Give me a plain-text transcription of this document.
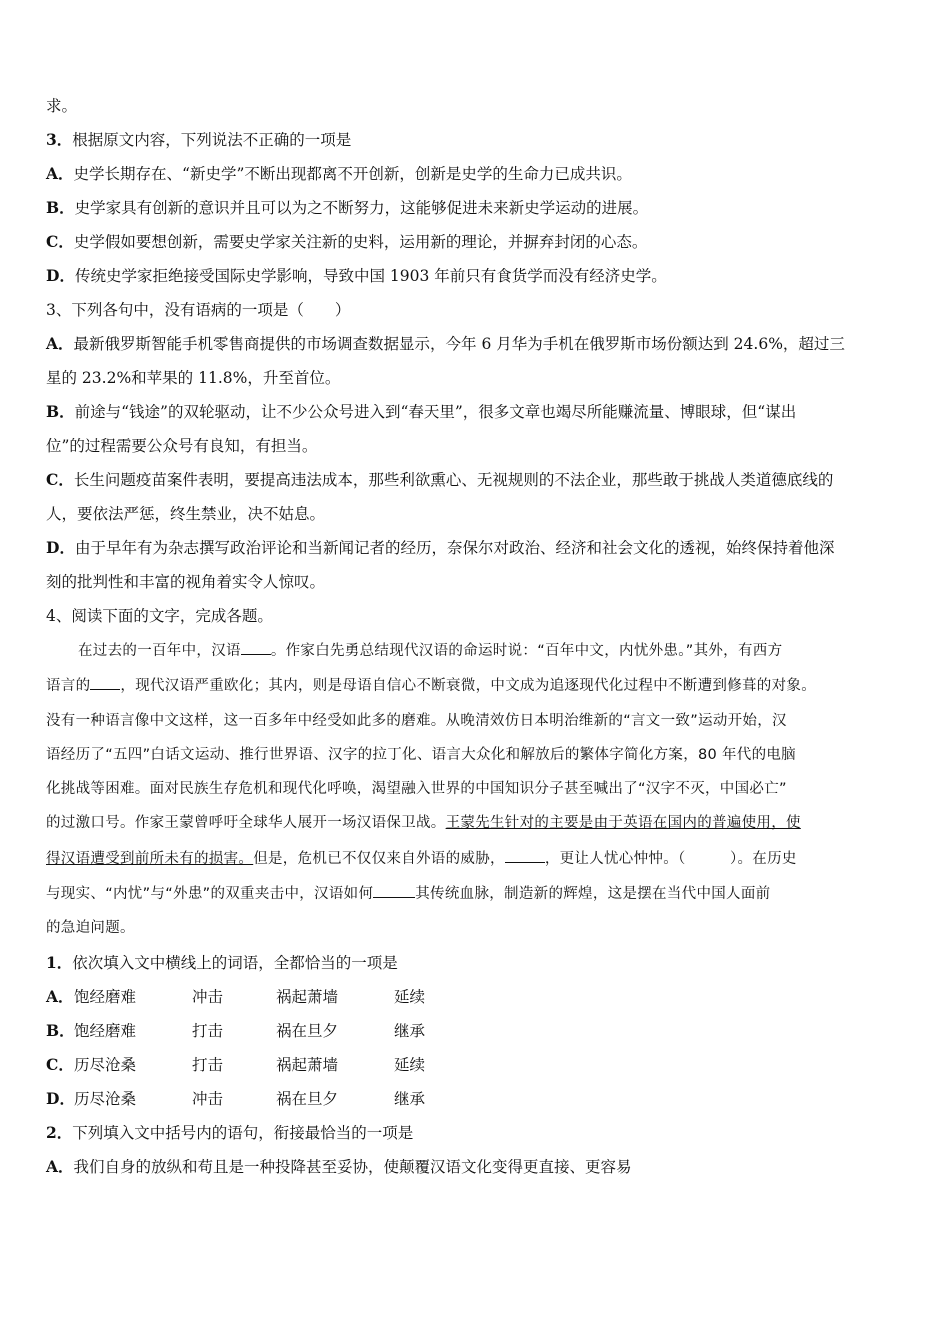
求。
3．根据原文内容，下列说法不正确的一项是
A．史学长期存在、“新史学”不断出现都离不开创新，创新是史学的生命力已成共识。
B．史学家具有创新的意识并且可以为之不断努力，这能够促进未来新史学运动的进展。
C．史学假如要想创新，需要史学家关注新的史料，运用新的理论，并摒弃封闭的心态。
D．传统史学家拒绝接受国际史学影响，导致中国 1903 年前只有食货学而没有经济史学。
3、下列各句中，没有语病的一项是（　　）
A．最新俄罗斯智能手机零售商提供的市场调查数据显示，今年 6 月华为手机在俄罗斯市场份额达到 24.6%，超过三
星的 23.2%和苹果的 11.8%，升至首位。
B．前途与“钱途”的双轮驱动，让不少公众号进入到“春天里”，很多文章也竭尽所能赚流量、博眼球，但“谋出
位”的过程需要公众号有良知，有担当。
C．长生问题疫苗案件表明，要提高违法成本，那些利欲熏心、无视规则的不法企业，那些敢于挑战人类道德底线的
人，要依法严惩，终生禁业，决不姑息。
D．由于早年有为杂志撰写政治评论和当新闻记者的经历，奈保尔对政治、经济和社会文化的透视，始终保持着他深
刻的批判性和丰富的视角着实令人惊叹。
4、阅读下面的文字，完成各题。
在过去的一百年中，汉语 。作家白先勇总结现代汉语的命运时说：“百年中文，内忧外患。”其外，有西方
语言的 ，现代汉语严重欧化；其内，则是母语自信心不断衰微，中文成为追逐现代化过程中不断遭到修葺的对象。
没有一种语言像中文这样，这一百多年中经受如此多的磨难。从晚清效仿日本明治维新的“言文一致”运动开始，汉
语经历了“五四”白话文运动、推行世界语、汉字的拉丁化、语言大众化和解放后的繁体字简化方案，80 年代的电脑
化挑战等困难。面对民族生存危机和现代化呼唤，渴望融入世界的中国知识分子甚至喊出了“汉字不灭，中国必亡”
的过激口号。作家王蒙曾呼吁全球华人展开一场汉语保卫战。王蒙先生针对的主要是由于英语在国内的普遍使用，使
得汉语遭受到前所未有的损害。但是，危机已不仅仅来自外语的威胁，	，更让人忧心忡忡。（　　　）。在历史
与现实、“内忧”与“外患”的双重夹击中，汉语如何	其传统血脉，制造新的辉煌，这是摆在当代中国人面前
的急迫问题。
1．依次填入文中横线上的词语，全都恰当的一项是
A． 饱经磨难	冲击	祸起萧墙	延续
B． 饱经磨难	打击	祸在旦夕	继承
C． 历尽沧桑	打击	祸起萧墙	延续
D． 历尽沧桑	冲击	祸在旦夕	继承
2．下列填入文中括号内的语句，衔接最恰当的一项是
A．我们自身的放纵和苟且是一种投降甚至妥协，使颠覆汉语文化变得更直接、更容易
